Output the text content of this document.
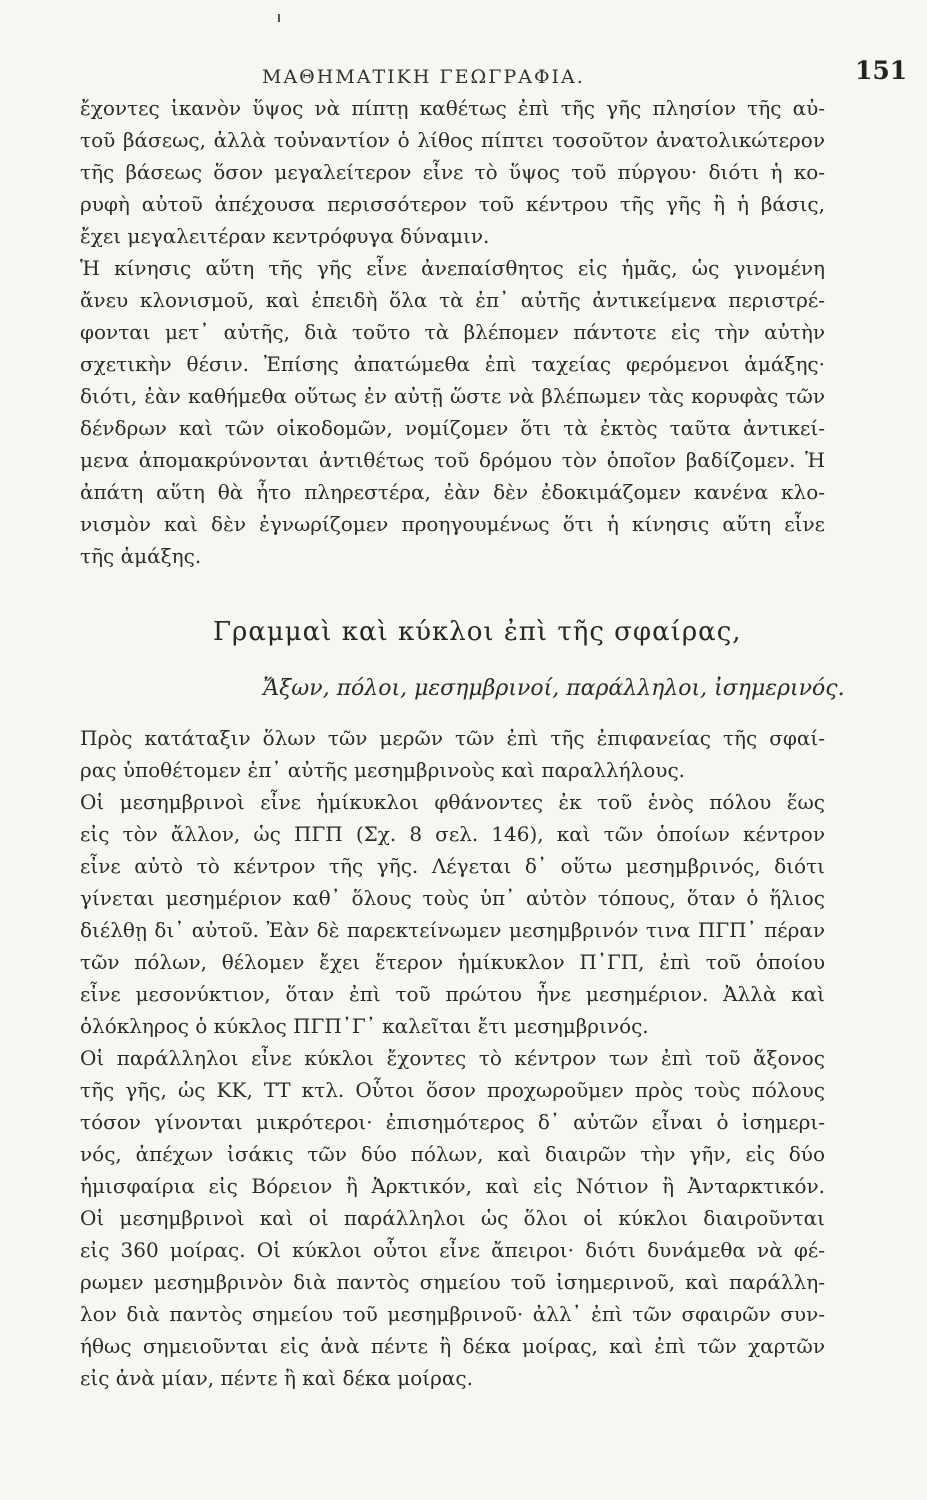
ΜΑΘΗΜΑΤΙΚΗ ΓΕΩΓΡΑΦΙΑ.	151
ἔχοντες ἱκανὸν ὕψος νὰ πίπτῃ καθέτως ἐπὶ τῆς γῆς πλησίον τῆς αὐ-
τοῦ βάσεως, ἀλλὰ τοὐναντίον ὁ λίθος πίπτει τοσοῦτον ἀνατολικώτερον
τῆς βάσεως ὅσον μεγαλείτερον εἶνε τὸ ὕψος τοῦ πύργου· διότι ἡ κο-
ρυφὴ αὐτοῦ ἀπέχουσα περισσότερον τοῦ κέντρου τῆς γῆς ἢ ἡ βάσις,
ἔχει μεγαλειτέραν κεντρόφυγα δύναμιν.
Ἡ κίνησις αὕτη τῆς γῆς εἶνε ἀνεπαίσθητος εἰς ἡμᾶς, ὡς γινομένη
ἄνευ κλονισμοῦ, καὶ ἐπειδὴ ὅλα τὰ ἐπ᾽ αὐτῆς ἀντικείμενα περιστρέ-
φονται μετ᾽ αὐτῆς, διὰ τοῦτο τὰ βλέπομεν πάντοτε εἰς τὴν αὐτὴν
σχετικὴν θέσιν. Ἐπίσης ἀπατώμεθα ἐπὶ ταχείας φερόμενοι ἁμάξης·
διότι, ἐὰν καθήμεθα οὕτως ἐν αὐτῇ ὥστε νὰ βλέπωμεν τὰς κορυφὰς τῶν
δένδρων καὶ τῶν οἰκοδομῶν, νομίζομεν ὅτι τὰ ἐκτὸς ταῦτα ἀντικεί-
μενα ἀπομακρύνονται ἀντιθέτως τοῦ δρόμου τὸν ὁποῖον βαδίζομεν. Ἡ
ἀπάτη αὕτη θὰ ἦτο πληρεστέρα, ἐὰν δὲν ἐδοκιμάζομεν κανένα κλο-
νισμὸν καὶ δὲν ἐγνωρίζομεν προηγουμένως ὅτι ἡ κίνησις αὕτη εἶνε
τῆς ἁμάξης.
Γραμμαὶ καὶ κύκλοι ἐπὶ τῆς σφαίρας,
Ἄξων, πόλοι, μεσημβρινοί, παράλληλοι, ἰσημερινός.
Πρὸς κατάταξιν ὅλων τῶν μερῶν τῶν ἐπὶ τῆς ἐπιφανείας τῆς σφαί-
ρας ὑποθέτομεν ἐπ᾽ αὐτῆς μεσημβρινοὺς καὶ παραλλήλους.
Οἱ μεσημβρινοὶ εἶνε ἡμίκυκλοι φθάνοντες ἐκ τοῦ ἑνὸς πόλου ἕως
εἰς τὸν ἄλλον, ὡς ΠΓΠ (Σχ. 8 σελ. 146), καὶ τῶν ὁποίων κέντρον
εἶνε αὐτὸ τὸ κέντρον τῆς γῆς. Λέγεται δ᾽ οὕτω μεσημβρινός, διότι
γίνεται μεσημέριον καθ᾽ ὅλους τοὺς ὑπ᾽ αὐτὸν τόπους, ὅταν ὁ ἥλιος
διέλθῃ δι᾽ αὐτοῦ. Ἐὰν δὲ παρεκτείνωμεν μεσημβρινόν τινα ΠΓΠ᾽ πέραν
τῶν πόλων, θέλομεν ἔχει ἕτερον ἡμίκυκλον Π᾽ΓΠ, ἐπὶ τοῦ ὁποίου
εἶνε μεσονύκτιον, ὅταν ἐπὶ τοῦ πρώτου ἦνε μεσημέριον. Ἀλλὰ καὶ
ὁλόκληρος ὁ κύκλος ΠΓΠ᾽Γ᾽ καλεῖται ἔτι μεσημβρινός.
Οἱ παράλληλοι εἶνε κύκλοι ἔχοντες τὸ κέντρον των ἐπὶ τοῦ ἄξονος
τῆς γῆς, ὡς ΚΚ, ΤΤ κτλ. Οὗτοι ὅσον προχωροῦμεν πρὸς τοὺς πόλους
τόσον γίνονται μικρότεροι· ἐπισημότερος δ᾽ αὐτῶν εἶναι ὁ ἰσημερι-
νός, ἀπέχων ἰσάκις τῶν δύο πόλων, καὶ διαιρῶν τὴν γῆν, εἰς δύο
ἡμισφαίρια εἰς Βόρειον ἢ Ἀρκτικόν, καὶ εἰς Νότιον ἢ Ἀνταρκτικόν.
Οἱ μεσημβρινοὶ καὶ οἱ παράλληλοι ὡς ὅλοι οἱ κύκλοι διαιροῦνται
εἰς 360 μοίρας. Οἱ κύκλοι οὗτοι εἶνε ἄπειροι· διότι δυνάμεθα νὰ φέ-
ρωμεν μεσημβρινὸν διὰ παντὸς σημείου τοῦ ἰσημερινοῦ, καὶ παράλλη-
λον διὰ παντὸς σημείου τοῦ μεσημβρινοῦ· ἀλλ᾽ ἐπὶ τῶν σφαιρῶν συν-
ήθως σημειοῦνται εἰς ἀνὰ πέντε ἢ δέκα μοίρας, καὶ ἐπὶ τῶν χαρτῶν
εἰς ἀνὰ μίαν, πέντε ἢ καὶ δέκα μοίρας.
